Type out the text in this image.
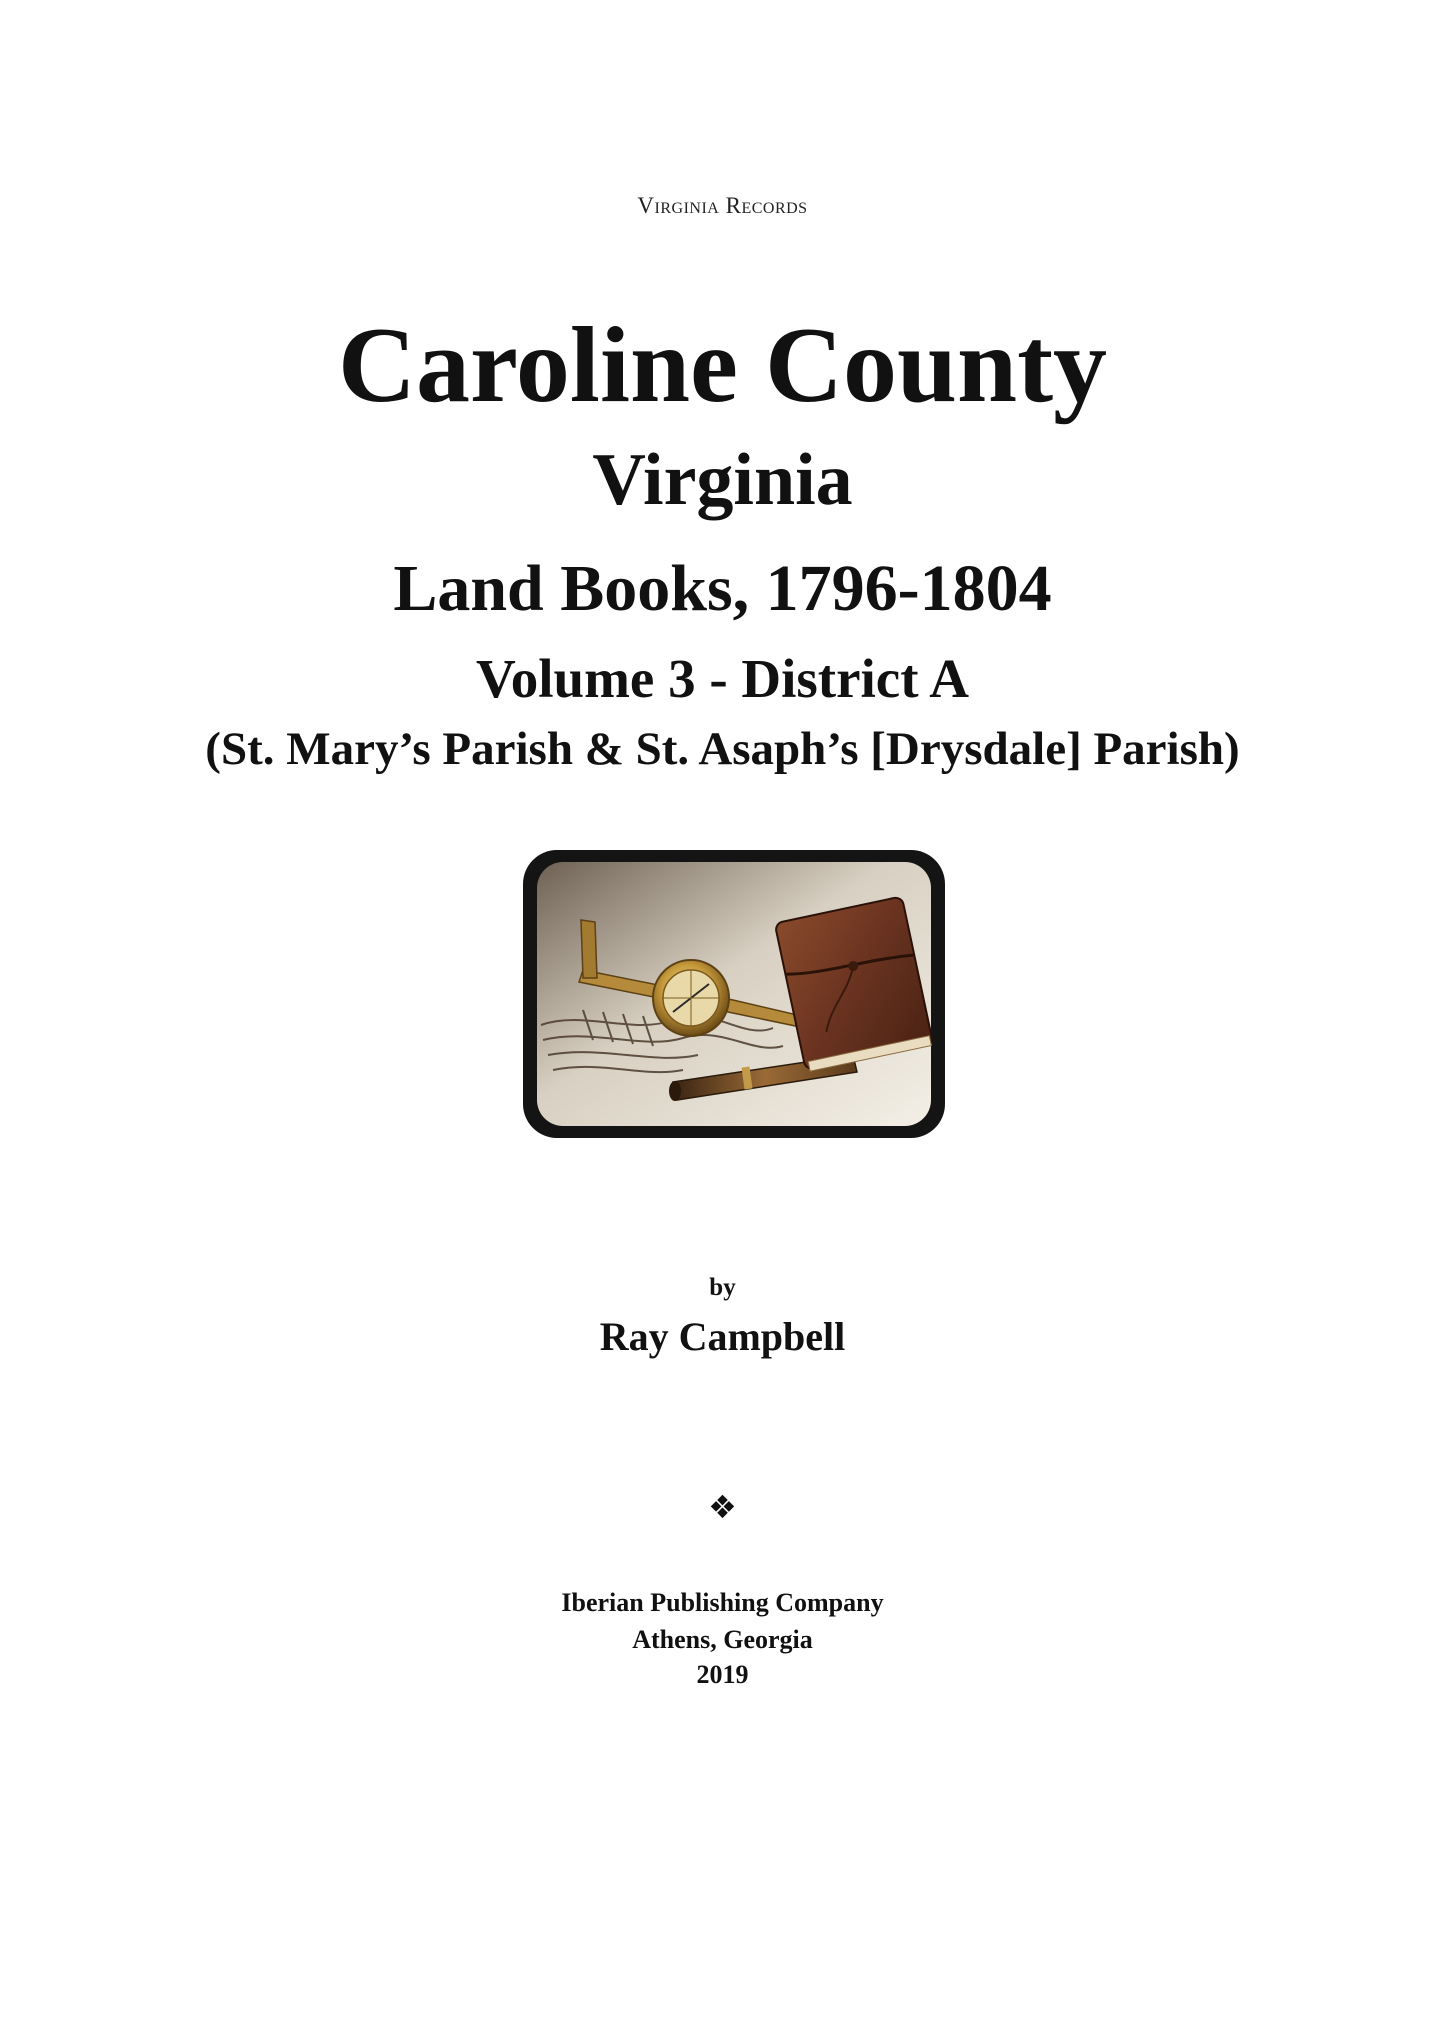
Virginia Records
Caroline County
Virginia
Land Books, 1796-1804
Volume 3 - District A
(St. Mary’s Parish & St. Asaph’s [Drysdale] Parish)
by
Ray Campbell
❖
Iberian Publishing Company
Athens, Georgia
2019
